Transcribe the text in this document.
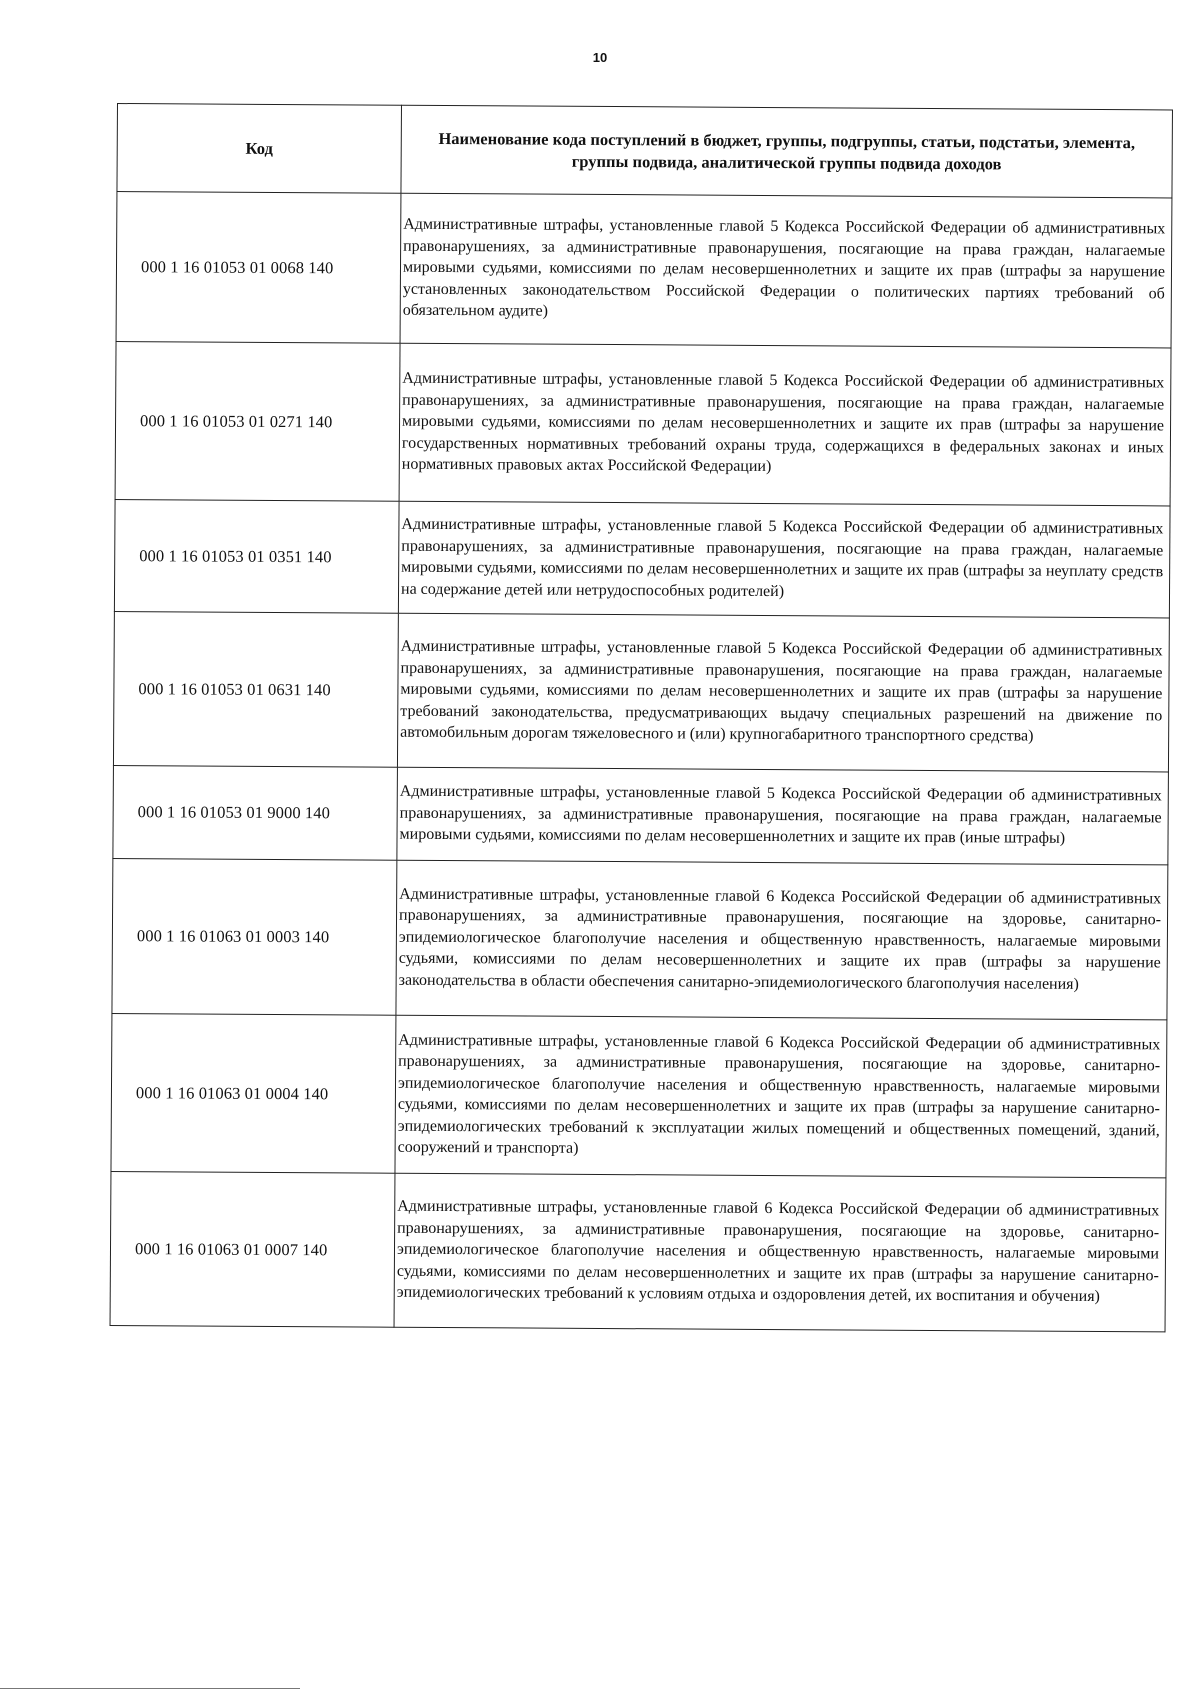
10
Код	Наименование кода поступлений в бюджет, группы, подгруппы, статьи, подстатьи, элемента, группы подвида, аналитической группы подвида доходов
000 1 16 01053 01 0068 140	Административные штрафы, установленные главой 5 Кодекса Российской Федерации об административных правонарушениях, за административные правонарушения, посягающие на права граждан, налагаемые мировыми судьями, комиссиями по делам несовершеннолетних и защите их прав (штрафы за нарушение установленных законодательством Российской Федерации о политических партиях требований об обязательном аудите)
000 1 16 01053 01 0271 140	Административные штрафы, установленные главой 5 Кодекса Российской Федерации об административных правонарушениях, за административные правонарушения, посягающие на права граждан, налагаемые мировыми судьями, комиссиями по делам несовершеннолетних и защите их прав (штрафы за нарушение государственных нормативных требований охраны труда, содержащихся в федеральных законах и иных нормативных правовых актах Российской Федерации)
000 1 16 01053 01 0351 140	Административные штрафы, установленные главой 5 Кодекса Российской Федерации об административных правонарушениях, за административные правонарушения, посягающие на права граждан, налагаемые мировыми судьями, комиссиями по делам несовершеннолетних и защите их прав (штрафы за неуплату средств на содержание детей или нетрудоспособных родителей)
000 1 16 01053 01 0631 140	Административные штрафы, установленные главой 5 Кодекса Российской Федерации об административных правонарушениях, за административные правонарушения, посягающие на права граждан, налагаемые мировыми судьями, комиссиями по делам несовершеннолетних и защите их прав (штрафы за нарушение требований законодательства, предусматривающих выдачу специальных разрешений на движение по автомобильным дорогам тяжеловесного и (или) крупногабаритного транспортного средства)
000 1 16 01053 01 9000 140	Административные штрафы, установленные главой 5 Кодекса Российской Федерации об административных правонарушениях, за административные правонарушения, посягающие на права граждан, налагаемые мировыми судьями, комиссиями по делам несовершеннолетних и защите их прав (иные штрафы)
000 1 16 01063 01 0003 140	Административные штрафы, установленные главой 6 Кодекса Российской Федерации об административных правонарушениях, за административные правонарушения, посягающие на здоровье, санитарно-эпидемиологическое благополучие населения и общественную нравственность, налагаемые мировыми судьями, комиссиями по делам несовершеннолетних и защите их прав (штрафы за нарушение законодательства в области обеспечения санитарно-эпидемиологического благополучия населения)
000 1 16 01063 01 0004 140	Административные штрафы, установленные главой 6 Кодекса Российской Федерации об административных правонарушениях, за административные правонарушения, посягающие на здоровье, санитарно-эпидемиологическое благополучие населения и общественную нравственность, налагаемые мировыми судьями, комиссиями по делам несовершеннолетних и защите их прав (штрафы за нарушение санитарно-эпидемиологических требований к эксплуатации жилых помещений и общественных помещений, зданий, сооружений и транспорта)
000 1 16 01063 01 0007 140	Административные штрафы, установленные главой 6 Кодекса Российской Федерации об административных правонарушениях, за административные правонарушения, посягающие на здоровье, санитарно-эпидемиологическое благополучие населения и общественную нравственность, налагаемые мировыми судьями, комиссиями по делам несовершеннолетних и защите их прав (штрафы за нарушение санитарно-эпидемиологических требований к условиям отдыха и оздоровления детей, их воспитания и обучения)
